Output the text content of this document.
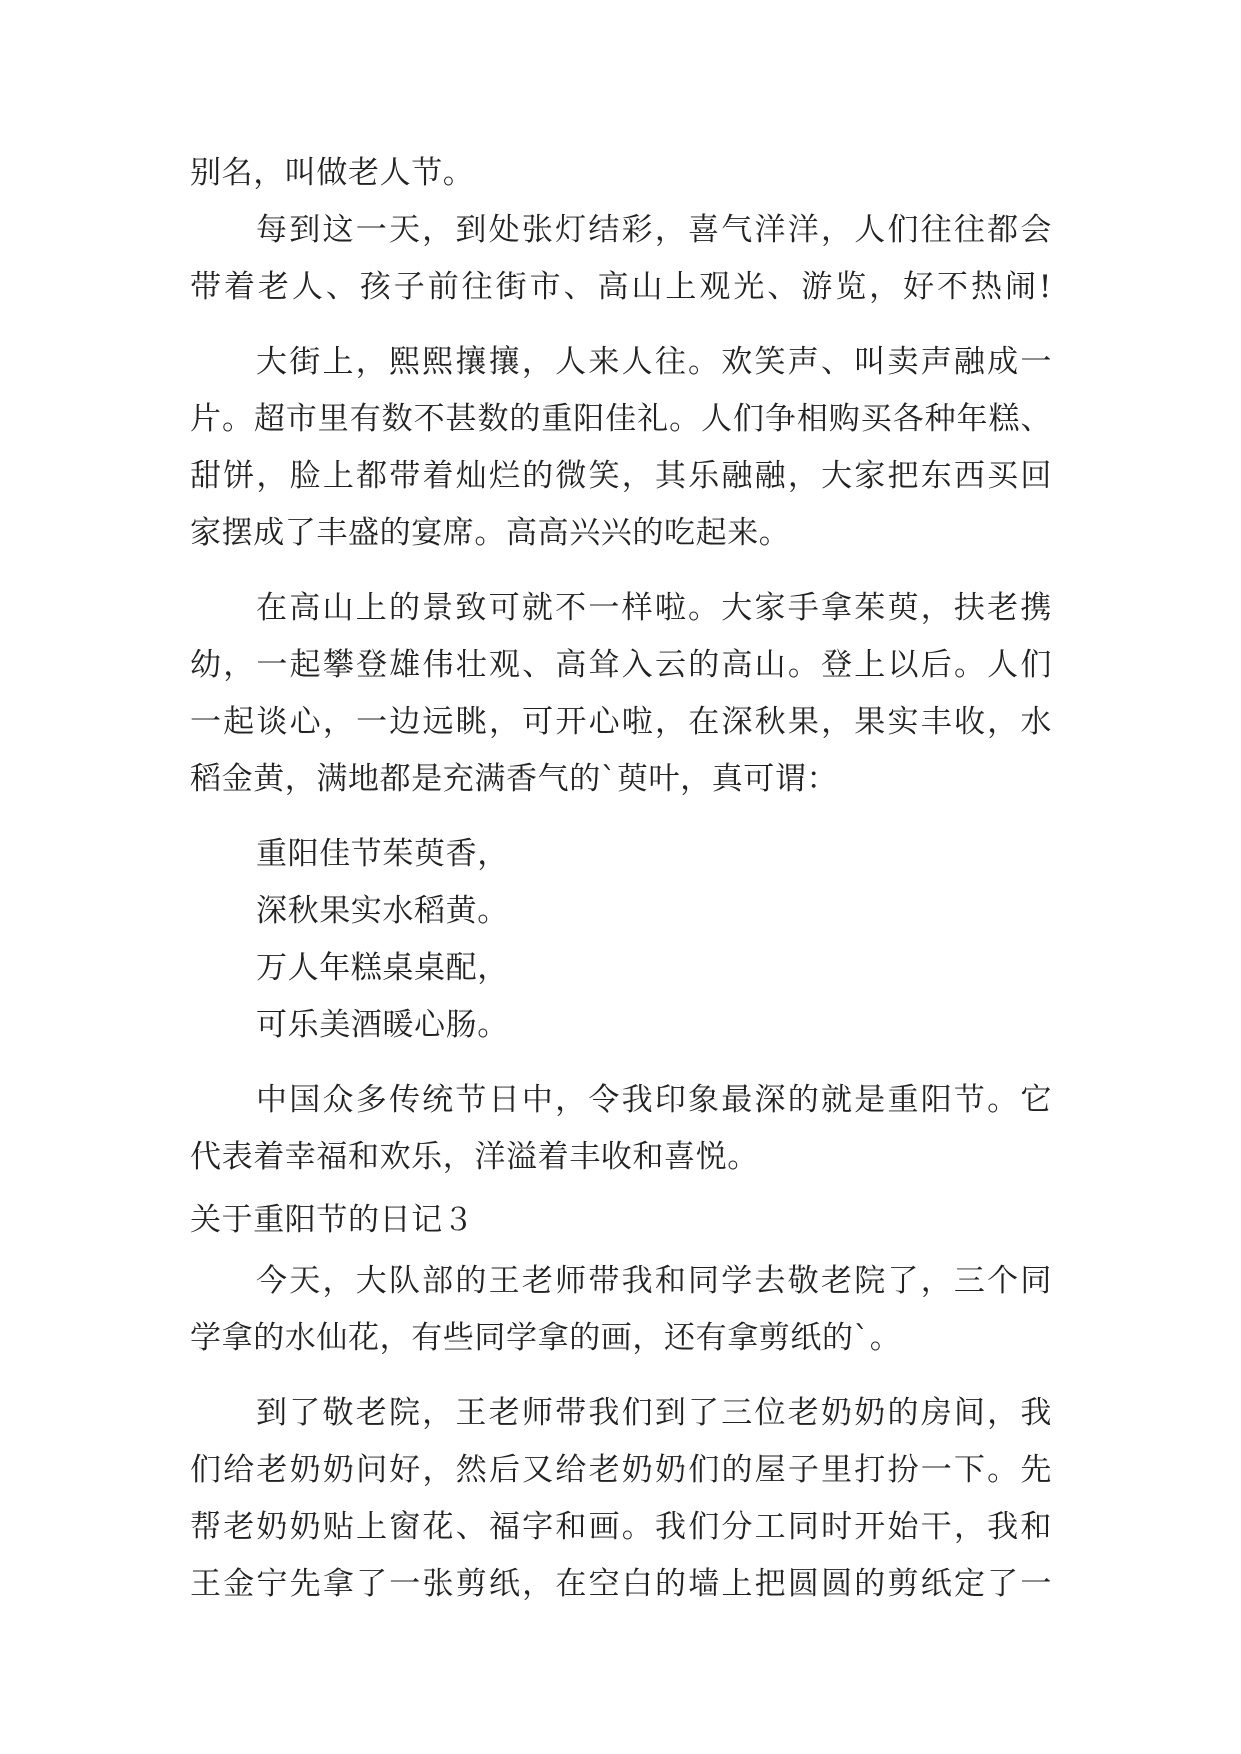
别名，叫做老人节。
每到这一天，到处张灯结彩，喜气洋洋，人们往往都会
带着老人、孩子前往街市、高山上观光、游览，好不热闹!
大街上，熙熙攘攘，人来人往。欢笑声、叫卖声融成一
片。超市里有数不甚数的重阳佳礼。人们争相购买各种年糕、
甜饼，脸上都带着灿烂的微笑，其乐融融，大家把东西买回
家摆成了丰盛的宴席。高高兴兴的吃起来。
在高山上的景致可就不一样啦。大家手拿茱萸，扶老携
幼，一起攀登雄伟壮观、高耸入云的高山。登上以后。人们
一起谈心，一边远眺，可开心啦，在深秋果，果实丰收，水
稻金黄，满地都是充满香气的`萸叶，真可谓：
重阳佳节茱萸香，
深秋果实水稻黄。
万人年糕桌桌配，
可乐美酒暖心肠。
中国众多传统节日中，令我印象最深的就是重阳节。它
代表着幸福和欢乐，洋溢着丰收和喜悦。
关于重阳节的日记３
今天，大队部的王老师带我和同学去敬老院了，三个同
学拿的水仙花，有些同学拿的画，还有拿剪纸的`。
到了敬老院，王老师带我们到了三位老奶奶的房间，我
们给老奶奶问好，然后又给老奶奶们的屋子里打扮一下。先
帮老奶奶贴上窗花、福字和画。我们分工同时开始干，我和
王金宁先拿了一张剪纸，在空白的墙上把圆圆的剪纸定了一
